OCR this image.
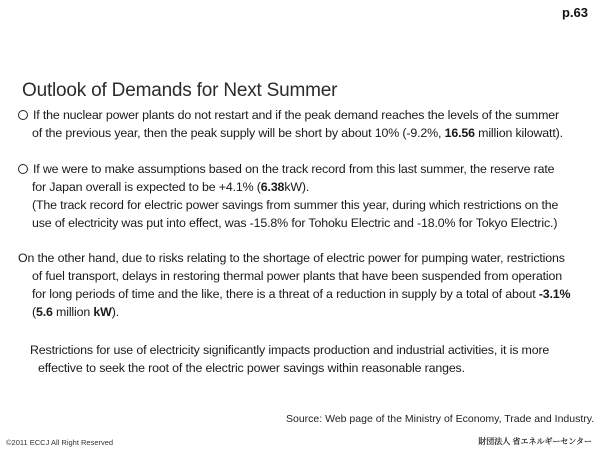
p.63
Outlook of Demands for Next Summer
If the nuclear power plants do not restart and if the peak demand reaches the levels of the summer
of the previous year, then the peak supply will be short by about 10% (-9.2%, 16.56 million kilowatt).
If we were to make assumptions based on the track record from this last summer, the reserve rate
for Japan overall is expected to be +4.1% (6.38kW).
(The track record for electric power savings from summer this year, during which restrictions on the
use of electricity was put into effect, was -15.8% for Tohoku Electric and -18.0% for Tokyo Electric.)
On the other hand, due to risks relating to the shortage of electric power for pumping water, restrictions
of fuel transport, delays in restoring thermal power plants that have been suspended from operation
for long periods of time and the like, there is a threat of a reduction in supply by a total of about -3.1%
(5.6 million kW).
Restrictions for use of electricity significantly impacts production and industrial activities, it is more
effective to seek the root of the electric power savings within reasonable ranges.
Source: Web page of the Ministry of Economy, Trade and Industry.
©2011 ECCJ All Right Reserved	財団法人 省エネルギーセンター
